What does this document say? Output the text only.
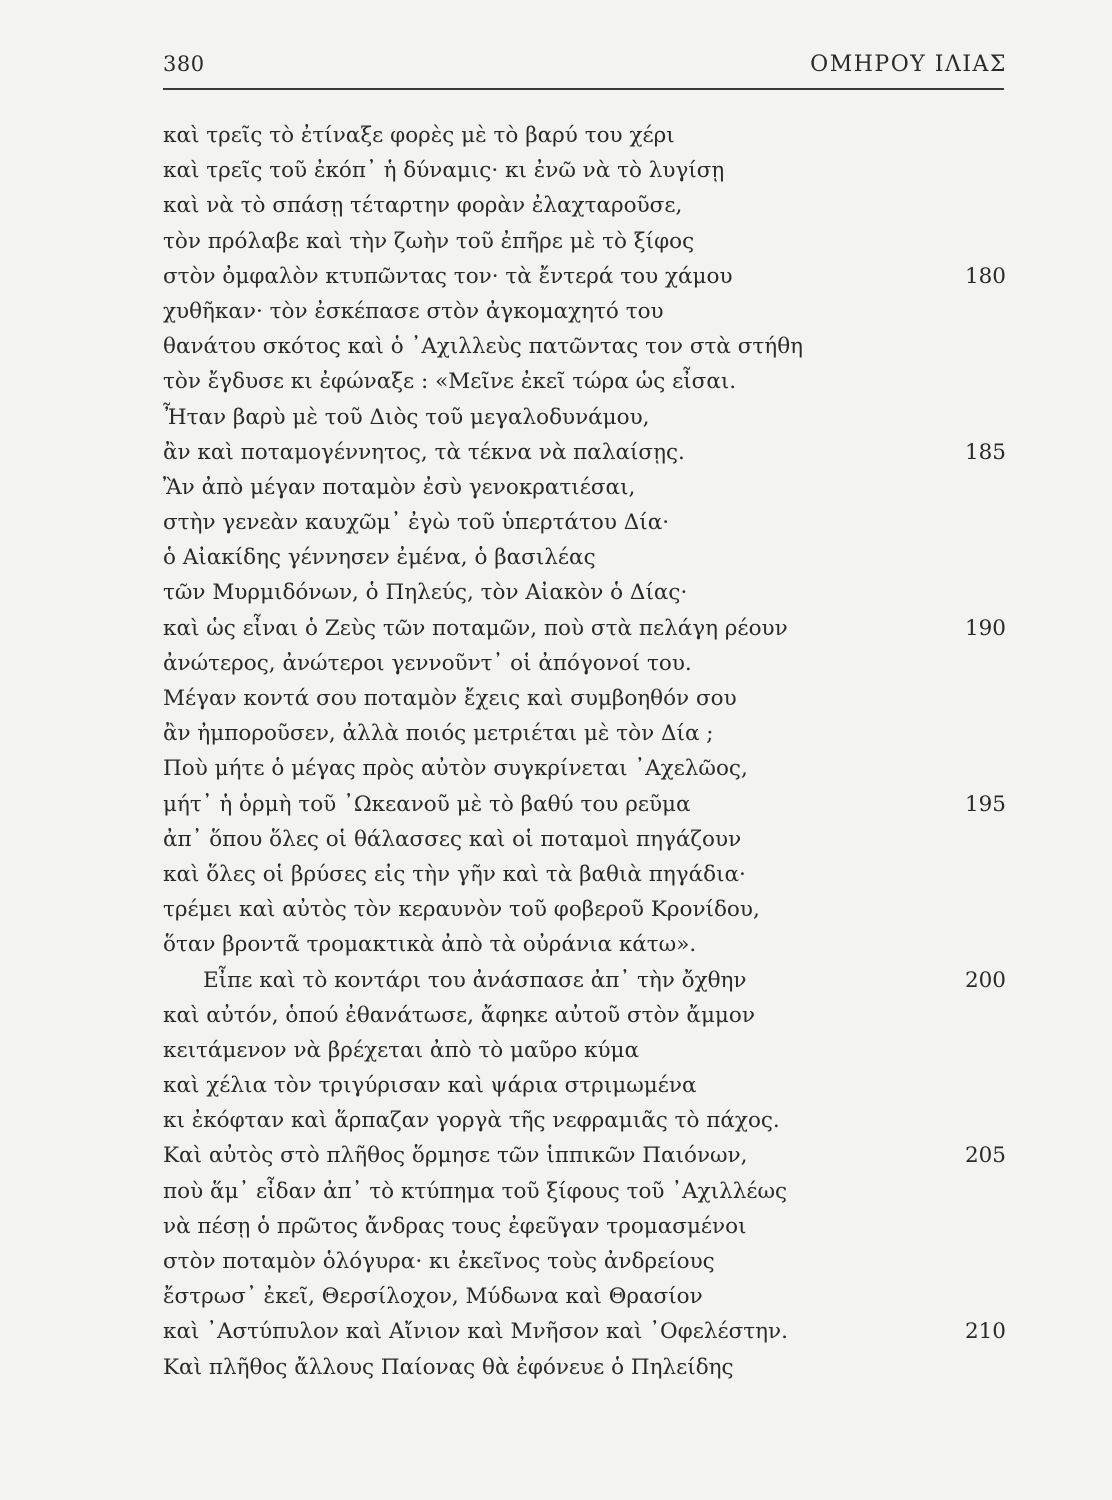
380	ΟΜΗΡΟΥ ΙΛΙΑΣ
καὶ τρεῖς τὸ ἐτίναξε φορὲς μὲ τὸ βαρύ του χέρι
καὶ τρεῖς τοῦ ἐκόπ᾽ ἡ δύναμις· κι ἐνῶ νὰ τὸ λυγίσῃ
καὶ νὰ τὸ σπάσῃ τέταρτην φορὰν ἐλαχταροῦσε,
τὸν πρόλαβε καὶ τὴν ζωὴν τοῦ ἐπῆρε μὲ τὸ ξίφος
στὸν ὀμφαλὸν κτυπῶντας τον· τὰ ἔντερά του χάμου	180
χυθῆκαν· τὸν ἐσκέπασε στὸν ἀγκομαχητό του
θανάτου σκότος καὶ ὁ ᾽Αχιλλεὺς πατῶντας τον στὰ στήθη
τὸν ἔγδυσε κι ἐφώναξε : «Μεῖνε ἐκεῖ τώρα ὡς εἶσαι.
Ἦταν βαρὺ μὲ τοῦ Διὸς τοῦ μεγαλοδυνάμου,
ἂν καὶ ποταμογέννητος, τὰ τέκνα νὰ παλαίσῃς.	185
Ἂν ἀπὸ μέγαν ποταμὸν ἐσὺ γενοκρατιέσαι,
στὴν γενεὰν καυχῶμ᾽ ἐγὼ τοῦ ὑπερτάτου Δία·
ὁ Αἰακίδης γέννησεν ἐμένα, ὁ βασιλέας
τῶν Μυρμιδόνων, ὁ Πηλεύς, τὸν Αἰακὸν ὁ Δίας·
καὶ ὡς εἶναι ὁ Ζεὺς τῶν ποταμῶν, ποὺ στὰ πελάγη ρέουν	190
ἀνώτερος, ἀνώτεροι γεννοῦντ᾽ οἱ ἀπόγονοί του.
Μέγαν κοντά σου ποταμὸν ἔχεις καὶ συμβοηθόν σου
ἂν ἠμποροῦσεν, ἀλλὰ ποιός μετριέται μὲ τὸν Δία ;
Ποὺ μήτε ὁ μέγας πρὸς αὐτὸν συγκρίνεται ᾽Αχελῶος,
μήτ᾽ ἡ ὁρμὴ τοῦ ᾽Ωκεανοῦ μὲ τὸ βαθύ του ρεῦμα	195
ἀπ᾽ ὅπου ὅλες οἱ θάλασσες καὶ οἱ ποταμοὶ πηγάζουν
καὶ ὅλες οἱ βρύσες εἰς τὴν γῆν καὶ τὰ βαθιὰ πηγάδια·
τρέμει καὶ αὐτὸς τὸν κεραυνὸν τοῦ φοβεροῦ Κρονίδου,
ὅταν βροντᾶ τρομακτικὰ ἀπὸ τὰ οὐράνια κάτω».
Εἶπε καὶ τὸ κοντάρι του ἀνάσπασε ἀπ᾽ τὴν ὄχθην	200
καὶ αὐτόν, ὁπού ἐθανάτωσε, ἄφηκε αὐτοῦ στὸν ἄμμον
κειτάμενον νὰ βρέχεται ἀπὸ τὸ μαῦρο κύμα
καὶ χέλια τὸν τριγύρισαν καὶ ψάρια στριμωμένα
κι ἐκόφταν καὶ ἅρπαζαν γοργὰ τῆς νεφραμιᾶς τὸ πάχος.
Καὶ αὐτὸς στὸ πλῆθος ὅρμησε τῶν ἱππικῶν Παιόνων,	205
ποὺ ἅμ᾽ εἶδαν ἀπ᾽ τὸ κτύπημα τοῦ ξίφους τοῦ ᾽Αχιλλέως
νὰ πέσῃ ὁ πρῶτος ἄνδρας τους ἐφεῦγαν τρομασμένοι
στὸν ποταμὸν ὁλόγυρα· κι ἐκεῖνος τοὺς ἀνδρείους
ἔστρωσ᾽ ἐκεῖ, Θερσίλοχον, Μύδωνα καὶ Θρασίον
καὶ ᾽Αστύπυλον καὶ Αἴνιον καὶ Μνῆσον καὶ ᾽Οφελέστην.	210
Καὶ πλῆθος ἄλλους Παίονας θὰ ἐφόνευε ὁ Πηλείδης
